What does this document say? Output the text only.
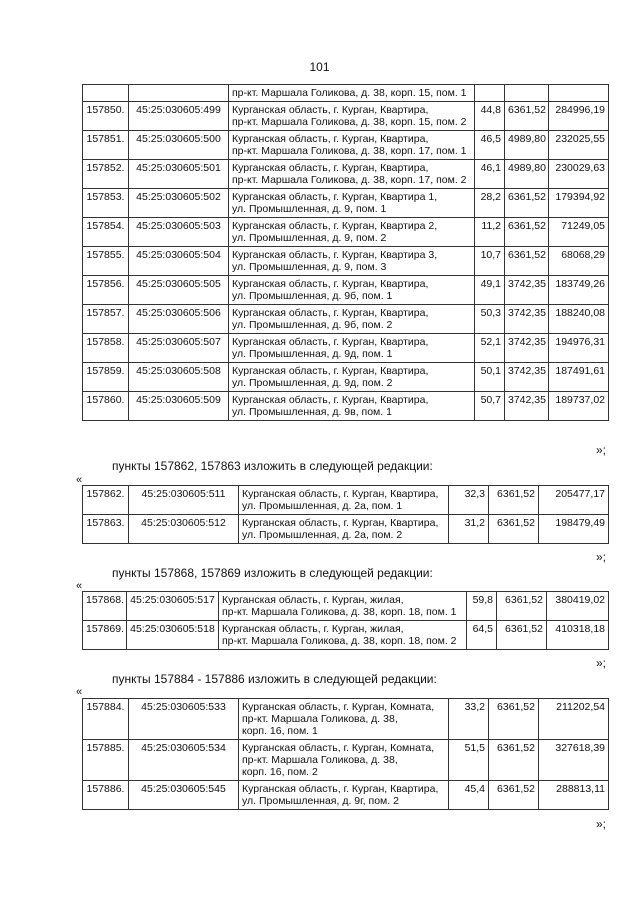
101
		пр-кт. Маршала Голикова, д. 38, корп. 15, пом. 1			
157850.	45:25:030605:499	Курганская область, г. Курган, Квартира,
пр-кт. Маршала Голикова, д. 38, корп. 15, пом. 2	44,8	6361,52	284996,19
157851.	45:25:030605:500	Курганская область, г. Курган, Квартира,
пр-кт. Маршала Голикова, д. 38, корп. 17, пом. 1	46,5	4989,80	232025,55
157852.	45:25:030605:501	Курганская область, г. Курган, Квартира,
пр-кт. Маршала Голикова, д. 38, корп. 17, пом. 2	46,1	4989,80	230029,63
157853.	45:25:030605:502	Курганская область, г. Курган, Квартира 1,
ул. Промышленная, д. 9, пом. 1	28,2	6361,52	179394,92
157854.	45:25:030605:503	Курганская область, г. Курган, Квартира 2,
ул. Промышленная, д. 9, пом. 2	11,2	6361,52	71249,05
157855.	45:25:030605:504	Курганская область, г. Курган, Квартира 3,
ул. Промышленная, д. 9, пом. 3	10,7	6361,52	68068,29
157856.	45:25:030605:505	Курганская область, г. Курган, Квартира,
ул. Промышленная, д. 9б, пом. 1	49,1	3742,35	183749,26
157857.	45:25:030605:506	Курганская область, г. Курган, Квартира,
ул. Промышленная, д. 9б, пом. 2	50,3	3742,35	188240,08
157858.	45:25:030605:507	Курганская область, г. Курган, Квартира,
ул. Промышленная, д. 9д, пом. 1	52,1	3742,35	194976,31
157859.	45:25:030605:508	Курганская область, г. Курган, Квартира,
ул. Промышленная, д. 9д, пом. 2	50,1	3742,35	187491,61
157860.	45:25:030605:509	Курганская область, г. Курган, Квартира,
ул. Промышленная, д. 9в, пом. 1	50,7	3742,35	189737,02
»;
пункты 157862, 157863 изложить в следующей редакции:
«
157862.	45:25:030605:511	Курганская область, г. Курган, Квартира,
ул. Промышленная, д. 2а, пом. 1	32,3	6361,52	205477,17
157863.	45:25:030605:512	Курганская область, г. Курган, Квартира,
ул. Промышленная, д. 2а, пом. 2	31,2	6361,52	198479,49
»;
пункты 157868, 157869 изложить в следующей редакции:
«
157868.	45:25:030605:517	Курганская область, г. Курган, жилая,
пр-кт. Маршала Голикова, д. 38, корп. 18, пом. 1	59,8	6361,52	380419,02
157869.	45:25:030605:518	Курганская область, г. Курган, жилая,
пр-кт. Маршала Голикова, д. 38, корп. 18, пом. 2	64,5	6361,52	410318,18
»;
пункты 157884 - 157886 изложить в следующей редакции:
«
157884.	45:25:030605:533	Курганская область, г. Курган, Комната,
пр-кт. Маршала Голикова, д. 38,
корп. 16, пом. 1	33,2	6361,52	211202,54
157885.	45:25:030605:534	Курганская область, г. Курган, Комната,
пр-кт. Маршала Голикова, д. 38,
корп. 16, пом. 2	51,5	6361,52	327618,39
157886.	45:25:030605:545	Курганская область, г. Курган, Квартира,
ул. Промышленная, д. 9г, пом. 2	45,4	6361,52	288813,11
»;
